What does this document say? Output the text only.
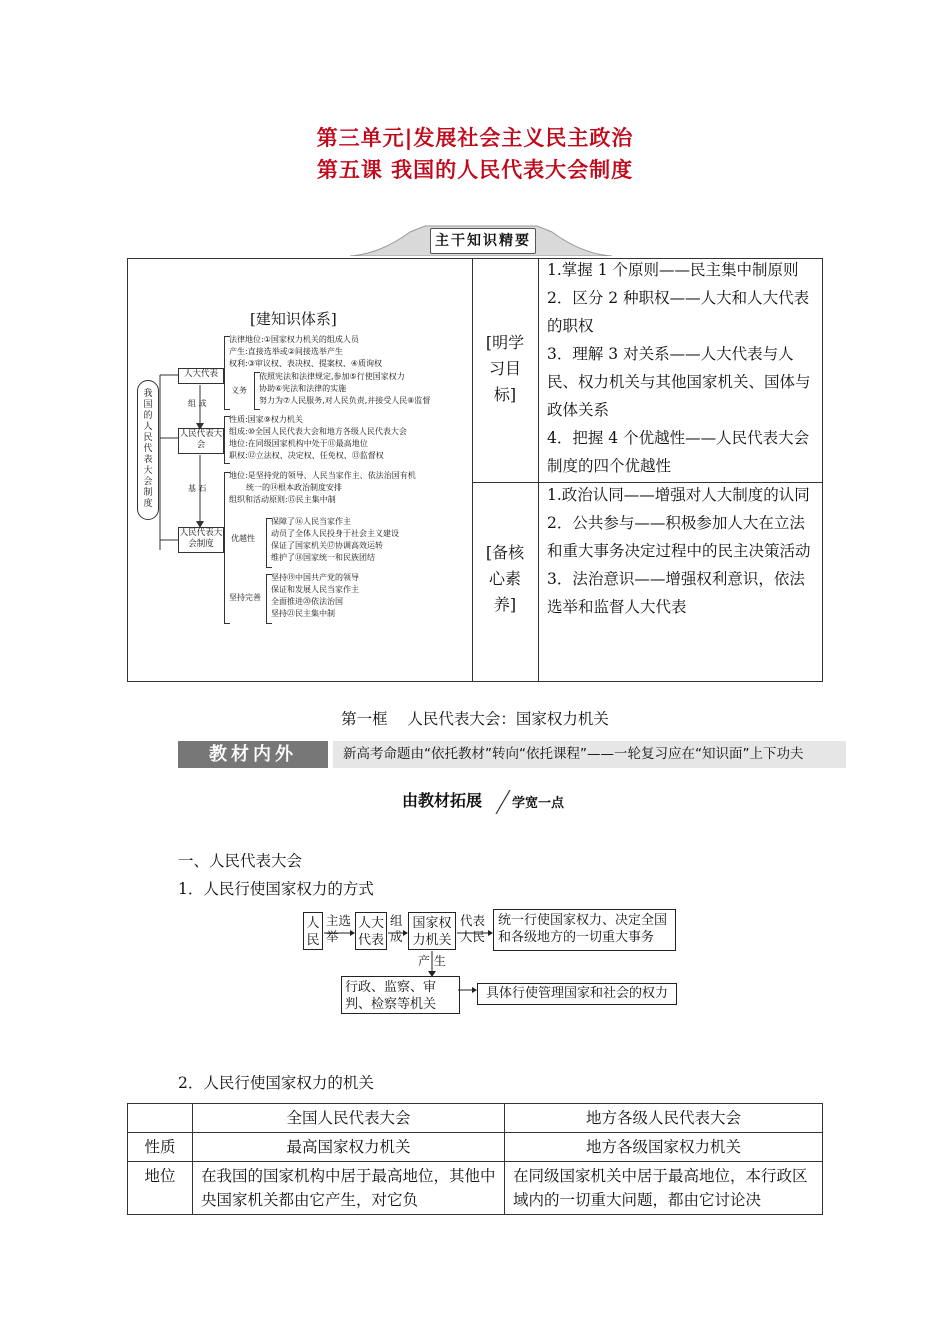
第三单元|发展社会主义民主政治
第五课 我国的人民代表大会制度
主干知识精要
[建知识体系]
我国的人民代表大会制度
人大代表
人民代表大会
人民代表大会制度
组 成
基 石
法律地位:①国家权力机关的组成人员
产生:直接选举或②间接选举产生
权利:③审议权、表决权、提案权、④质询权
义务
依照宪法和法律规定,参加⑤行使国家权力
协助⑥宪法和法律的实施
努力为⑦人民服务,对人民负责,并接受人民⑧监督
性质:国家⑨权力机关
组成:⑩全国人民代表大会和地方各级人民代表大会
地位:在同级国家机构中处于⑪最高地位
职权:⑫立法权、决定权、任免权、⑬监督权
地位:是坚持党的领导、人民当家作主、依法治国有机
统一的⑭根本政治制度安排
组织和活动原则:⑮民主集中制
优越性
保障了⑯人民当家作主
动员了全体人民投身于社会主义建设
保证了国家机关⑰协调高效运转
维护了⑱国家统一和民族团结
坚持完善
坚持⑲中国共产党的领导
保证和发展人民当家作主
全面推进⑳依法治国
坚持㉑民主集中制
[明学习目标]
1.掌握 1 个原则——民主集中制原则
2．区分 2 种职权——人大和人大代表的职权
3．理解 3 对关系——人大代表与人民、权力机关与其他国家机关、国体与政体关系
4．把握 4 个优越性——人民代表大会制度的四个优越性
[备核心素养]
1.政治认同——增强对人大制度的认同
2．公共参与——积极参加人大在立法和重大事务决定过程中的民主决策活动
3．法治意识——增强权利意识，依法选举和监督人大代表
第一框    人民代表大会：国家权力机关
教材内外	新高考命题由“依托教材”转向“依托课程”——一轮复习应在“知识面”上下功夫
由教材拓展 学宽一点
一、人民代表大会
1．人民行使国家权力的方式
人民
主选举
人大代表
组成
国家权力机关
代表人民
统一行使国家权力、决定全国和各级地方的一切重大事务
产 生
行政、监察、审判、检察等机关
具体行使管理国家和社会的权力
2．人民行使国家权力的机关
	全国人民代表大会	地方各级人民代表大会
性质	最高国家权力机关	地方各级国家权力机关
地位	在我国的国家机构中居于最高地位，其他中央国家机关都由它产生，对它负	在同级国家机关中居于最高地位，本行政区域内的一切重大问题，都由它讨论决
